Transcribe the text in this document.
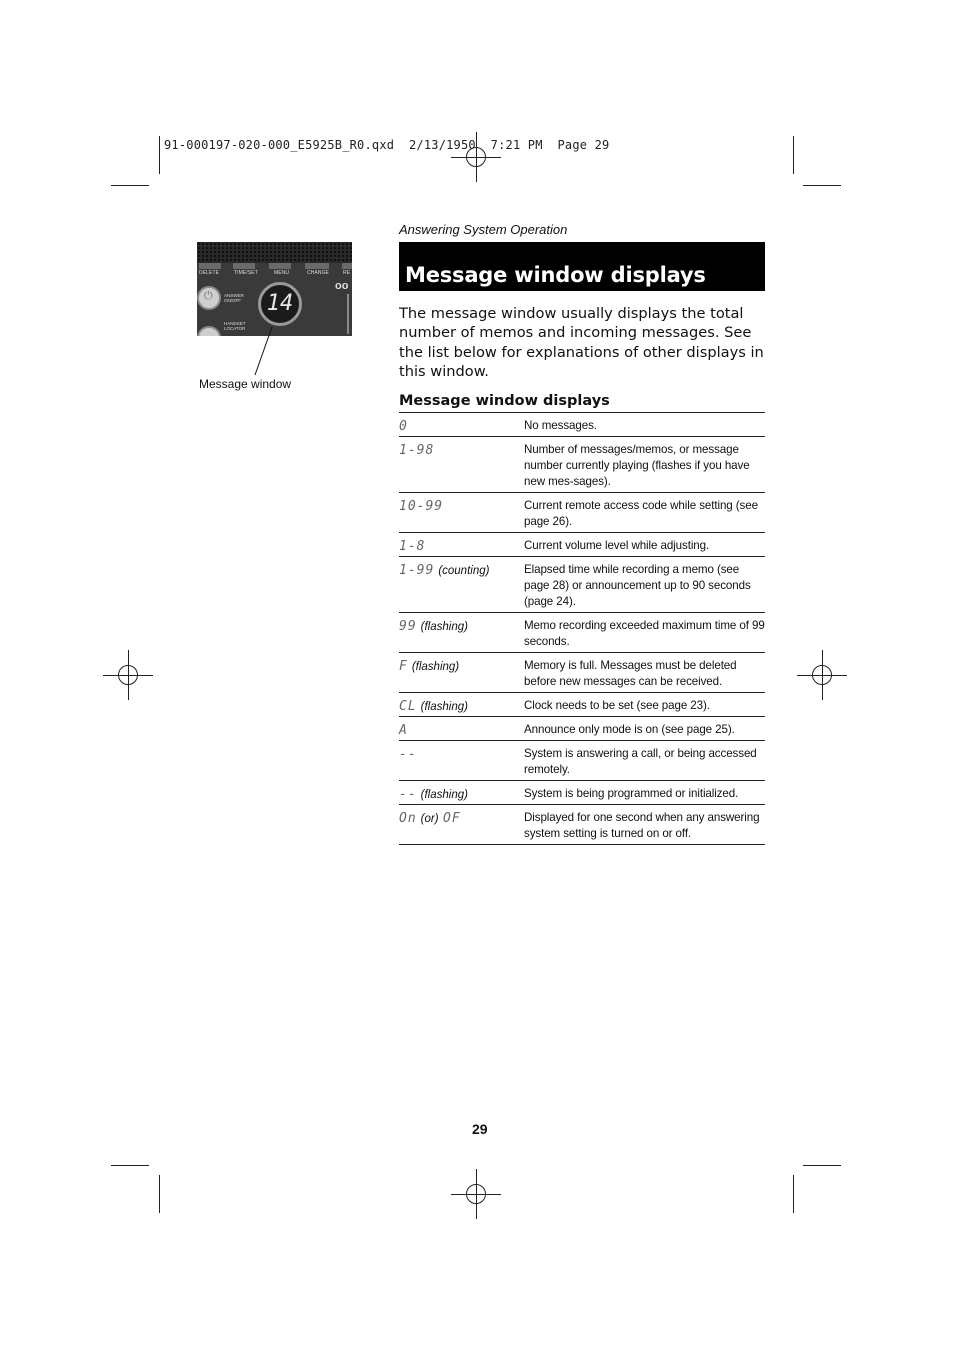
91-000197-020-000_E5925B_R0.qxd  2/13/1950  7:21 PM  Page 29
DELETE	TIME/SET	MENU	CHANGE	RE
⏻	ANSWER ON/OFF
HANDSET LOCATOR
14
oo
Message window
Answering System Operation
Message window displays
The message window usually displays the total number of memos and incoming messages. See the list below for explanations of other displays in this window.
Message window displays
0	No messages.
1-98	Number of messages/memos, or message number currently playing (flashes if you have new mes-sages).
10-99	Current remote access code while setting (see page 26).
1-8	Current volume level while adjusting.
1-99 (counting)	Elapsed time while recording a memo (see page 28) or announcement up to 90 seconds (page 24).
99 (flashing)	Memo recording exceeded maximum time of 99 seconds.
F (flashing)	Memory is full. Messages must be deleted before new messages can be received.
CL (flashing)	Clock needs to be set (see page 23).
A	Announce only mode is on (see page 25).
--	System is answering a call, or being accessed remotely.
-- (flashing)	System is being programmed or initialized.
On (or) OF	Displayed for one second when any answering system setting is turned on or off.
29
